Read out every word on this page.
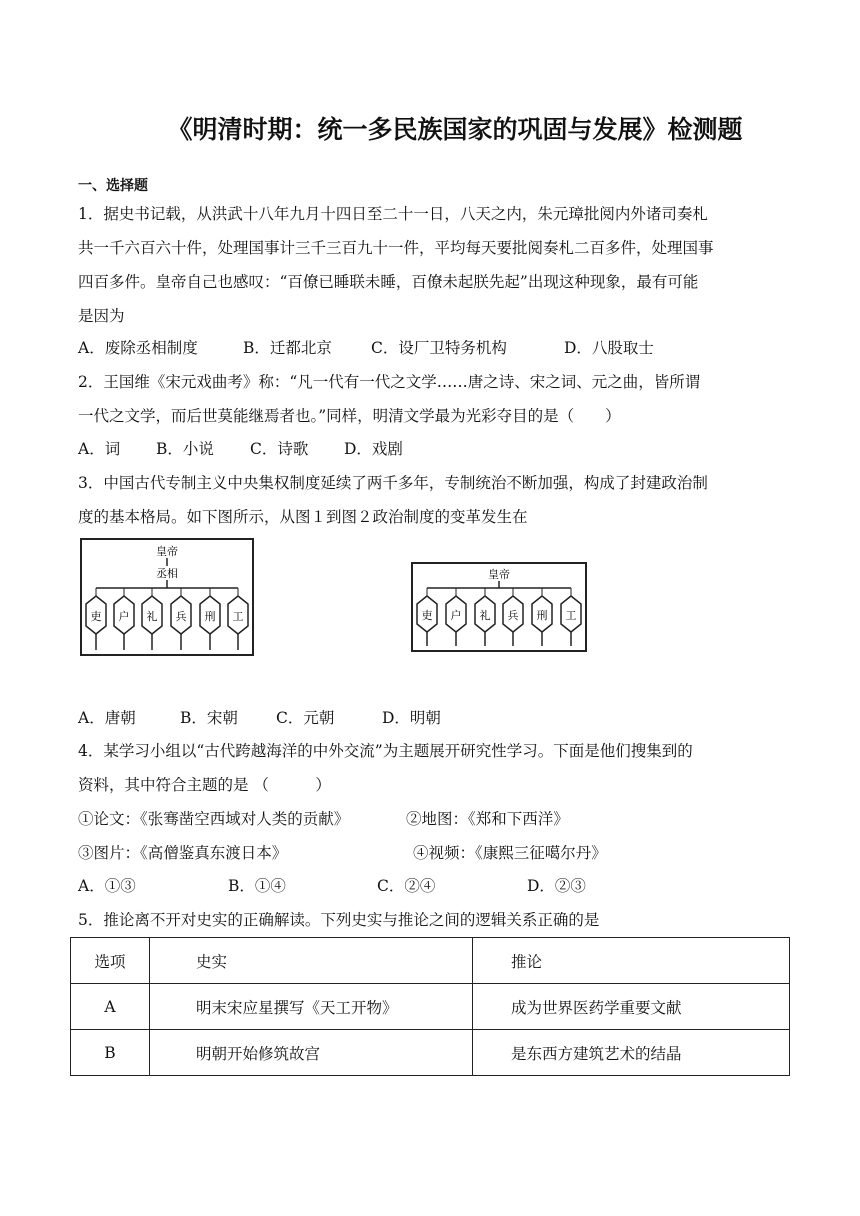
《明清时期：统一多民族国家的巩固与发展》检测题
一、选择题
1．据史书记载，从洪武十八年九月十四日至二十一日，八天之内，朱元璋批阅内外诸司奏札
共一千六百六十件，处理国事计三千三百九十一件，平均每天要批阅奏札二百多件，处理国事
四百多件。皇帝自己也感叹：“百僚已睡联未睡，百僚未起朕先起”出现这种现象，最有可能
是因为
A．废除丞相制度	B．迁都北京	C．设厂卫特务机构	D．八股取士
2．王国维《宋元戏曲考》称：“凡一代有一代之文学……唐之诗、宋之词、元之曲，皆所谓
一代之文学，而后世莫能继焉者也。”同样，明清文学最为光彩夺目的是（　　）
A．词 B．小说 C．诗歌 D．戏剧
3．中国古代专制主义中央集权制度延续了两千多年，专制统治不断加强，构成了封建政治制
度的基本格局。如下图所示，从图１到图２政治制度的变革发生在
皇帝
丞相
吏 户 礼 兵 刑 工
皇帝
吏 户 礼 兵 刑 工
A．唐朝	B．宋朝 C．元朝	D．明朝
4．某学习小组以“古代跨越海洋的中外交流”为主题展开研究性学习。下面是他们搜集到的
资料，其中符合主题的是 （　　　）
①论文：《张骞凿空西域对人类的贡献》	②地图：《郑和下西洋》
③图片：《高僧鉴真东渡日本》	④视频：《康熙三征噶尔丹》
A．①③	B．①④	C．②④	D．②③
5．推论离不开对史实的正确解读。下列史实与推论之间的逻辑关系正确的是
选项	史实	推论
A	明末宋应星撰写《天工开物》	成为世界医药学重要文献
B	明朝开始修筑故宫	是东西方建筑艺术的结晶
